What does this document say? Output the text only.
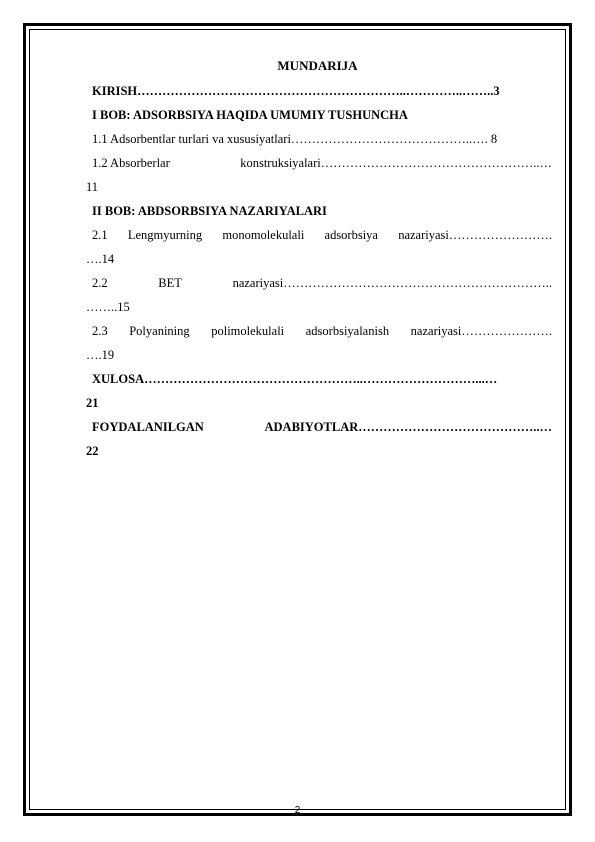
MUNDARIJA
KIRISH………………………………………………………..…………..……..3
I BOB: ADSORBSIYA HAQIDA UMUMIY TUSHUNCHA
1.1 Adsorbentlar turlari va xususiyatlari……………………………………..…. 8
1.2 Absorberlar	konstruksiyalari……………………………………………..…
11
II BOB: ABDSORBSIYA NAZARIYALARI
2.1 Lengmyurning monomolekulali adsorbsiya nazariyasi…………………….
….14
2.2	BET	nazariyasi………………………………………………………..
……..15
2.3 Polyanining polimolekulali adsorbsiyalanish nazariyasi………………….
….19
XULOSA……………………………………………..………………………...…
21
FOYDALANILGAN	ADABIYOTLAR……………………………………..…
22
2
